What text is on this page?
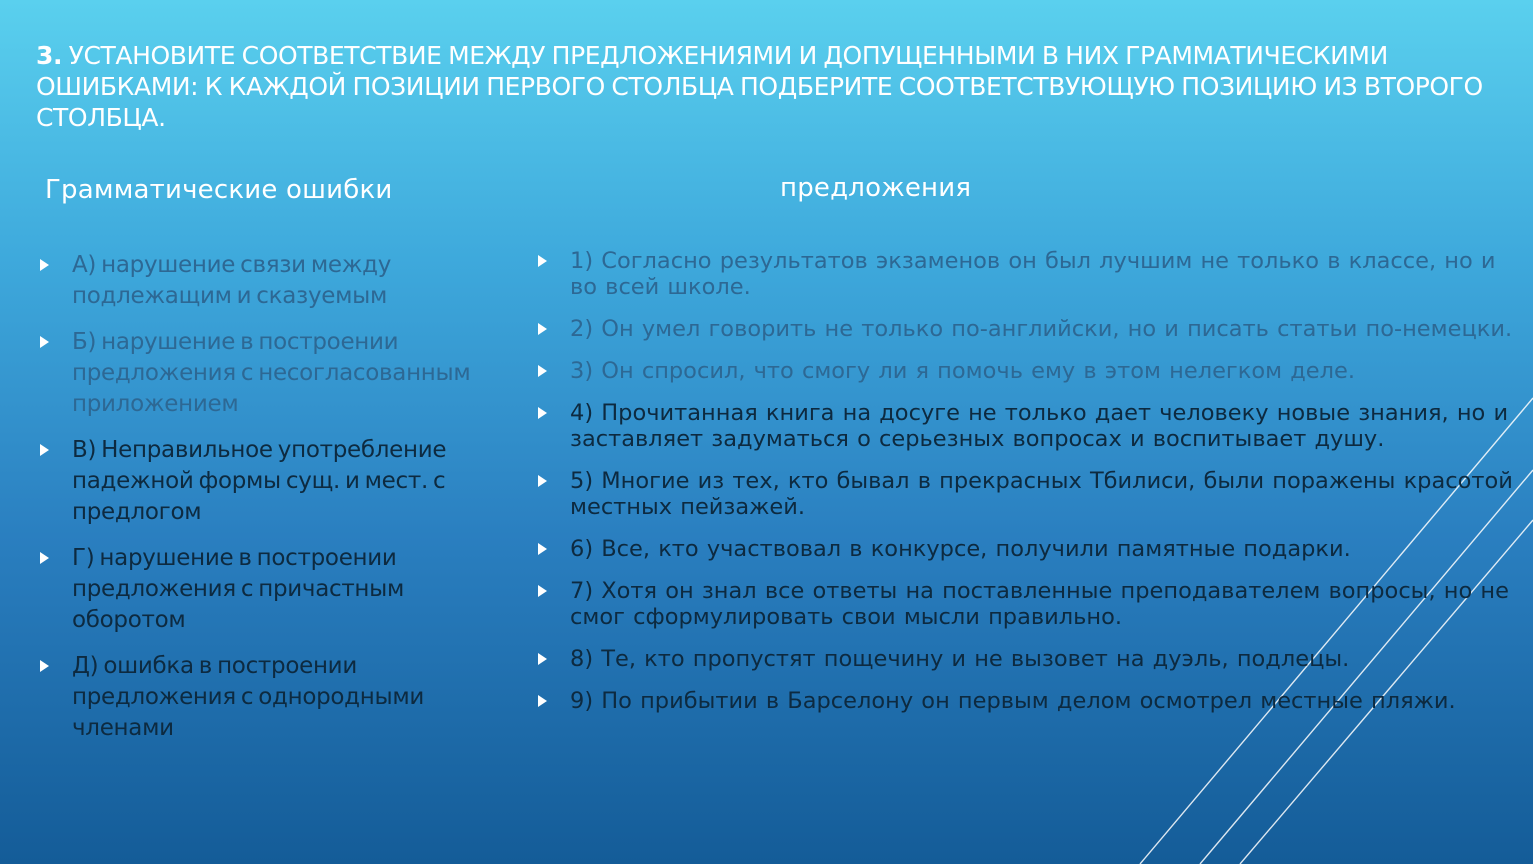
3. УСТАНОВИТЕ СООТВЕТСТВИЕ МЕЖДУ ПРЕДЛОЖЕНИЯМИ И ДОПУЩЕННЫМИ В НИХ ГРАММАТИЧЕСКИМИ ОШИБКАМИ: К КАЖДОЙ ПОЗИЦИИ ПЕРВОГО СТОЛБЦА ПОДБЕРИТЕ СООТВЕТСТВУЮЩУЮ ПОЗИЦИЮ ИЗ ВТОРОГО СТОЛБЦА.
Грамматические ошибки	предложения
А) нарушение связи между подлежащим и сказуемым
Б) нарушение в построении предложения с несогласованным приложением
В) Неправильное употребление падежной формы сущ. и мест. с предлогом
Г) нарушение в построении предложения с причастным оборотом
Д) ошибка в построении предложения с однородными членами
1) Согласно результатов экзаменов он был лучшим не только в классе, но и во всей школе.
2) Он умел говорить не только по-английски, но и писать статьи по-немецки.
3) Он спросил, что смогу ли я помочь ему в этом нелегком деле.
4) Прочитанная книга на досуге не только дает человеку новые знания, но и заставляет задуматься о серьезных вопросах и воспитывает душу.
5) Многие из тех, кто бывал в прекрасных Тбилиси, были поражены красотой местных пейзажей.
6) Все, кто участвовал в конкурсе, получили памятные подарки.
7) Хотя он знал все ответы на поставленные преподавателем вопросы, но не смог сформулировать свои мысли правильно.
8) Те, кто пропустят пощечину и не вызовет на дуэль, подлецы.
9) По прибытии в Барселону он первым делом осмотрел местные пляжи.
